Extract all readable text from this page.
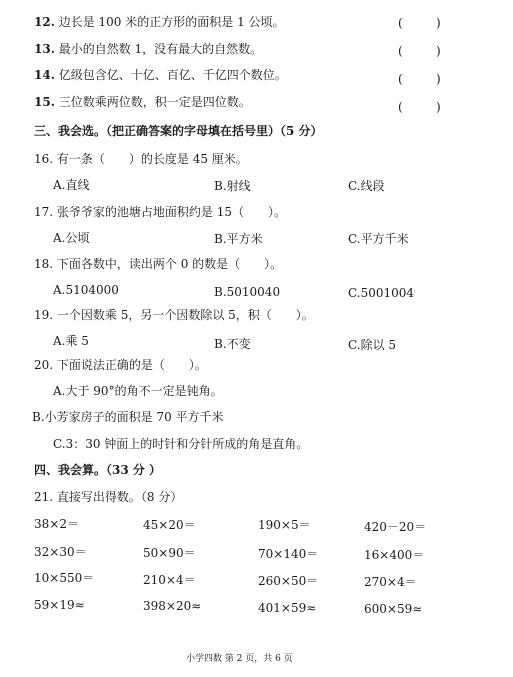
12. 边长是 100 米的正方形的面积是 1 公顷。	(	)
13. 最小的自然数 1，没有最大的自然数。	(	)
14. 亿级包含亿、十亿、百亿、千亿四个数位。	(	)
15. 三位数乘两位数，积一定是四位数。	(	)
三、我会选。（把正确答案的字母填在括号里）（5 分）
16. 有一条（　　）的长度是 45 厘米。
A.直线	B.射线	C.线段
17. 张爷爷家的池塘占地面积约是 15（　　）。
A.公顷	B.平方米	C.平方千米
18. 下面各数中，读出两个 0 的数是（　　）。
A.5104000	B.5010040	C.5001004
19. 一个因数乘 5，另一个因数除以 5，积（　　）。
A.乘 5	B.不变	C.除以 5
20. 下面说法正确的是（　　）。
A.大于 90°的角不一定是钝角。
B.小芳家房子的面积是 70 平方千米
C.3：30 钟面上的时针和分针所成的角是直角。
四、我会算。（33 分 ）
21. 直接写出得数。（8 分）
38×2＝	45×20＝	190×5＝	420－20＝
32×30＝	50×90＝	70×140＝	16×400＝
10×550＝	210×4＝	260×50＝	270×4＝
59×19≈	398×20≈	401×59≈	600×59≈
小学四数 第 2 页，共 6 页
